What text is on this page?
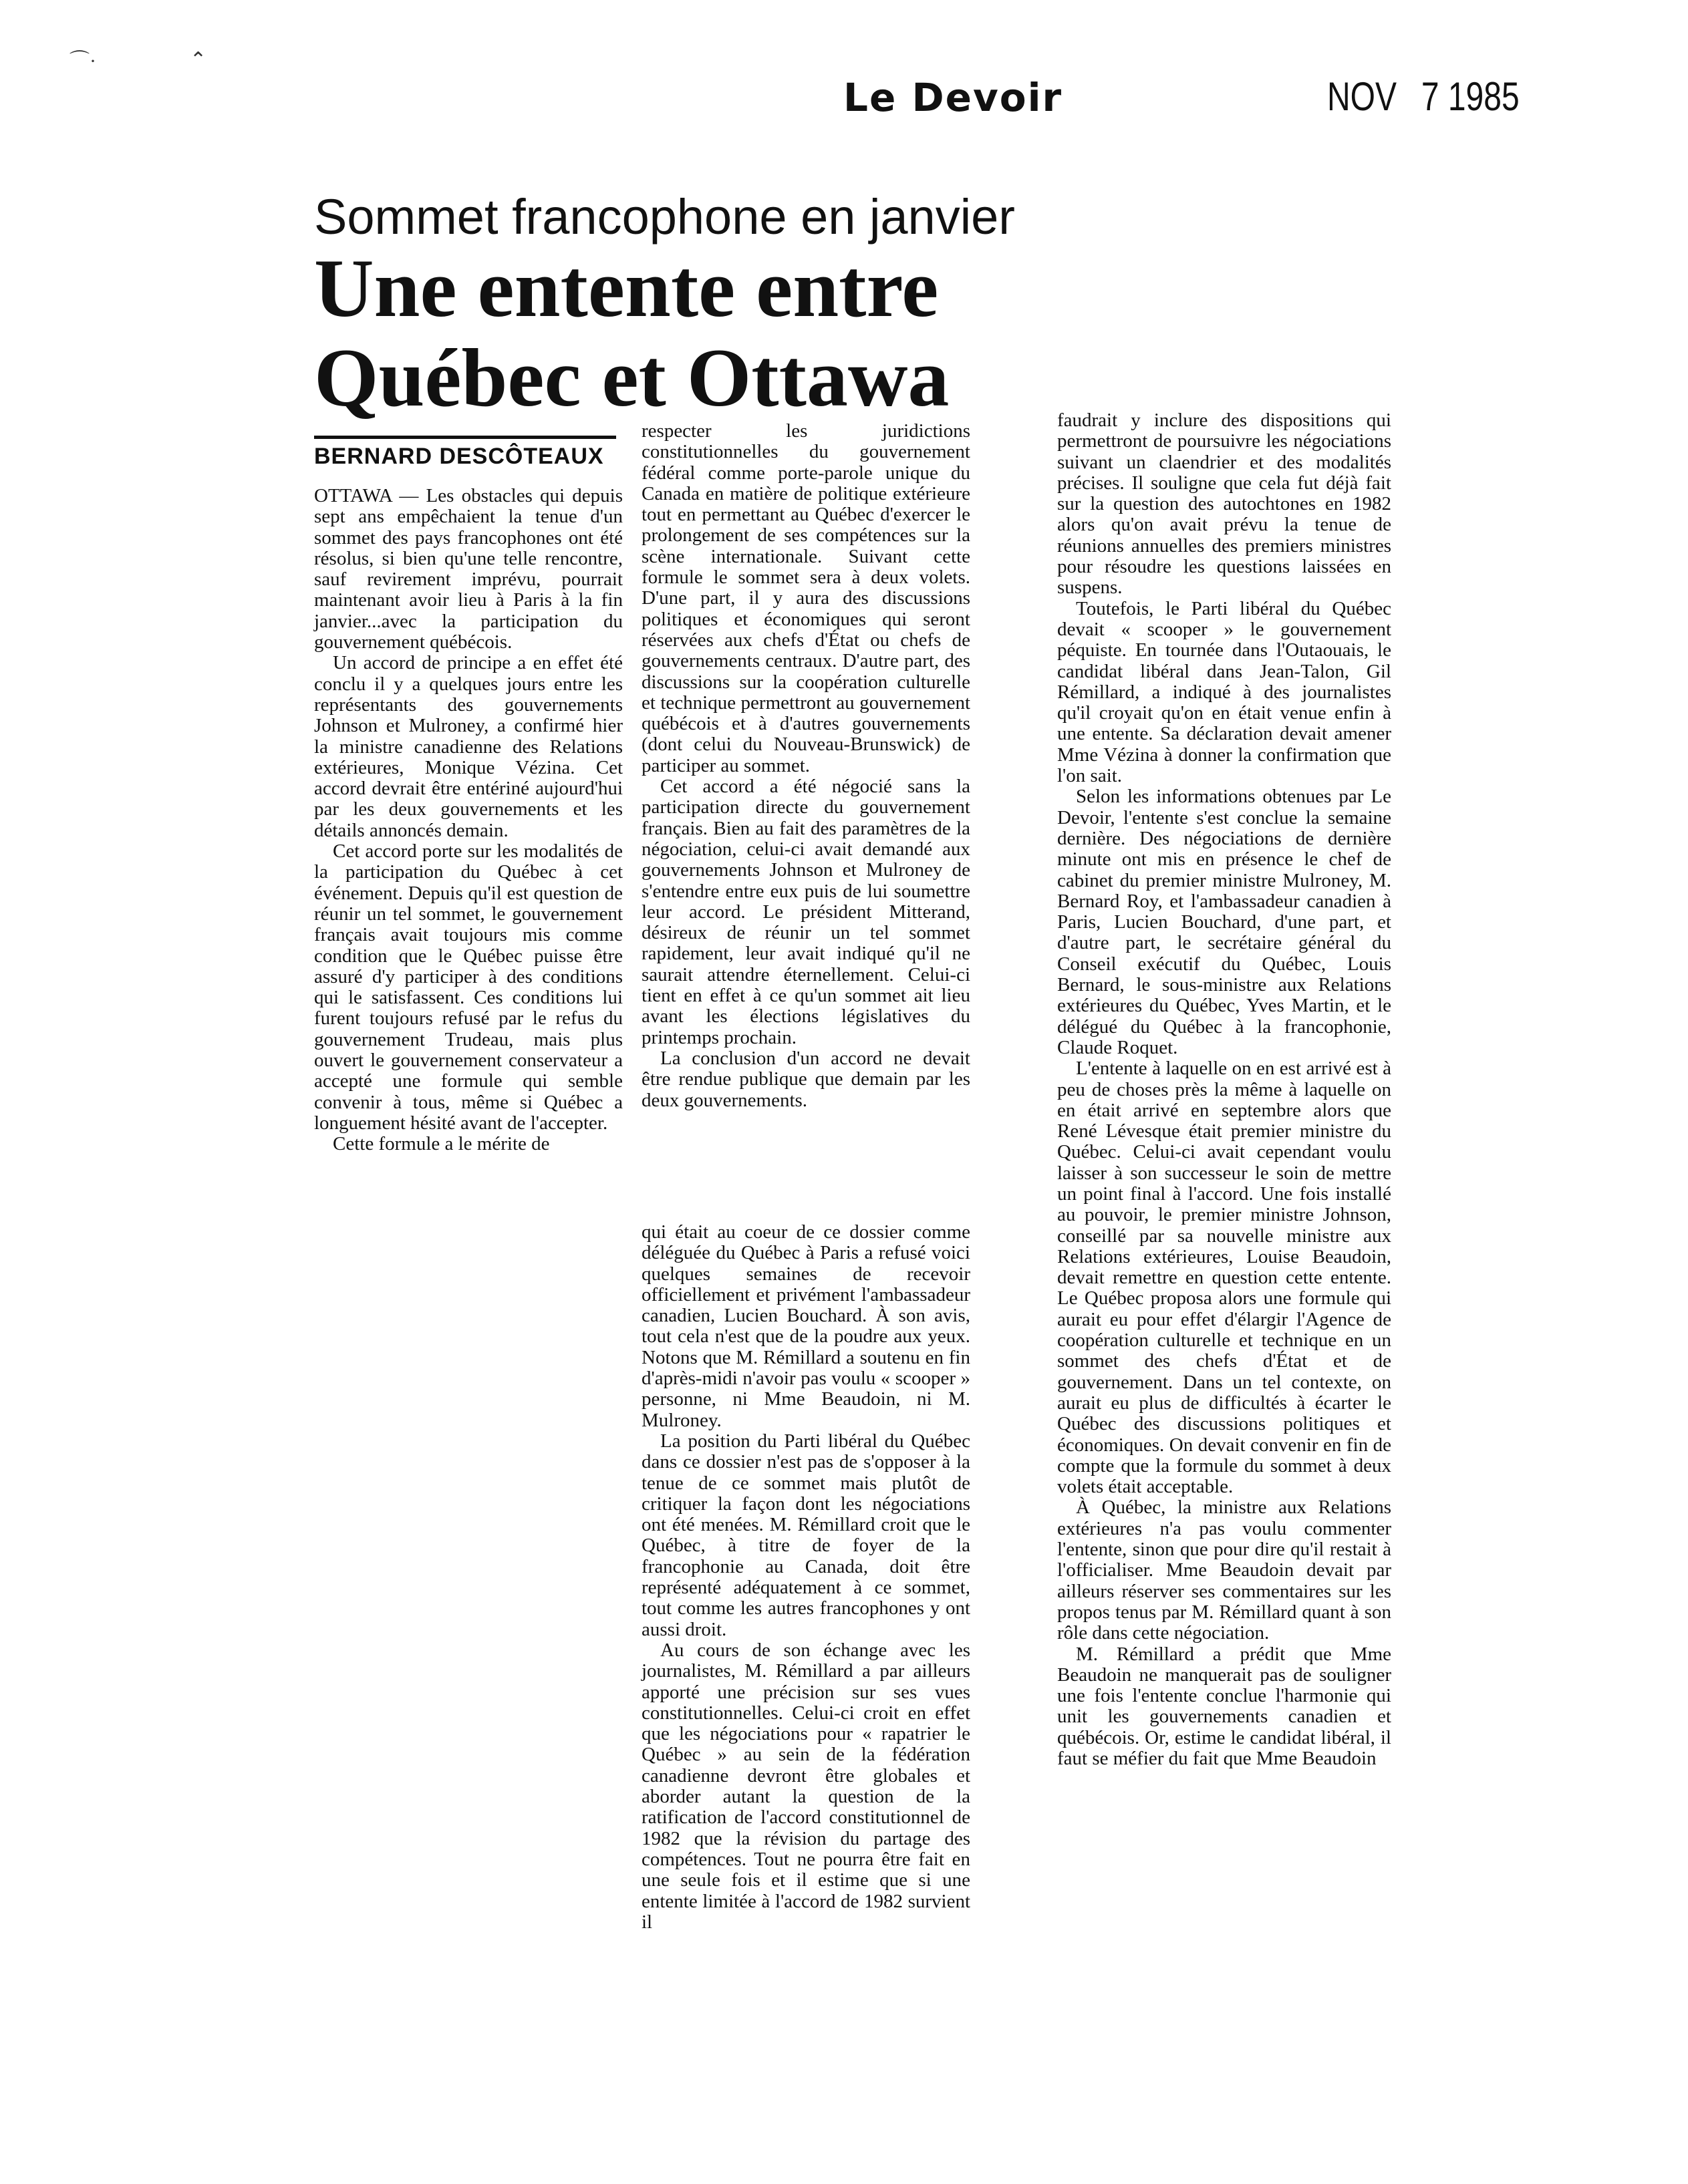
⌒·	⌃
Le Devoir	NOV 7 1985
Sommet francophone en janvier
Une entente entre
Québec et Ottawa
BERNARD DESCÔTEAUX

OTTAWA — Les obstacles qui depuis sept ans empêchaient la tenue d'un sommet des pays francophones ont été résolus, si bien qu'une telle rencontre, sauf revirement imprévu, pourrait maintenant avoir lieu à Paris à la fin janvier...avec la participation du gouvernement québécois.

Un accord de principe a en effet été conclu il y a quelques jours entre les représentants des gouvernements Johnson et Mulroney, a confirmé hier la ministre canadienne des Relations extérieures, Monique Vézina. Cet accord devrait être entériné aujourd'hui par les deux gouvernements et les détails annoncés demain.

Cet accord porte sur les modalités de la participation du Québec à cet événement. Depuis qu'il est question de réunir un tel sommet, le gouvernement français avait toujours mis comme condition que le Québec puisse être assuré d'y participer à des conditions qui le satisfassent. Ces conditions lui furent toujours refusé par le refus du gouvernement Trudeau, mais plus ouvert le gouvernement conservateur a accepté une formule qui semble convenir à tous, même si Québec a longuement hésité avant de l'accepter.

Cette formule a le mérite de

respecter les juridictions constitutionnelles du gouvernement fédéral comme porte-parole unique du Canada en matière de politique extérieure tout en permettant au Québec d'exercer le prolongement de ses compétences sur la scène internationale. Suivant cette formule le sommet sera à deux volets. D'une part, il y aura des discussions politiques et économiques qui seront réservées aux chefs d'État ou chefs de gouvernements centraux. D'autre part, des discussions sur la coopération culturelle et technique permettront au gouvernement québécois et à d'autres gouvernements (dont celui du Nouveau-Brunswick) de participer au sommet.

Cet accord a été négocié sans la participation directe du gouvernement français. Bien au fait des paramètres de la négociation, celui-ci avait demandé aux gouvernements Johnson et Mulroney de s'entendre entre eux puis de lui soumettre leur accord. Le président Mitterand, désireux de réunir un tel sommet rapidement, leur avait indiqué qu'il ne saurait attendre éternellement. Celui-ci tient en effet à ce qu'un sommet ait lieu avant les élections législatives du printemps prochain.

La conclusion d'un accord ne devait être rendue publique que demain par les deux gouvernements.

faudrait y inclure des dispositions qui permettront de poursuivre les négociations suivant un claendrier et des modalités précises. Il souligne que cela fut déjà fait sur la question des autochtones en 1982 alors qu'on avait prévu la tenue de réunions annuelles des premiers ministres pour résoudre les questions laissées en suspens.

Toutefois, le Parti libéral du Québec devait « scooper » le gouvernement péquiste. En tournée dans l'Outaouais, le candidat libéral dans Jean-Talon, Gil Rémillard, a indiqué à des journalistes qu'il croyait qu'on en était venue enfin à une entente. Sa déclaration devait amener Mme Vézina à donner la confirmation que l'on sait.

Selon les informations obtenues par Le Devoir, l'entente s'est conclue la semaine dernière. Des négociations de dernière minute ont mis en présence le chef de cabinet du premier ministre Mulroney, M. Bernard Roy, et l'ambassadeur canadien à Paris, Lucien Bouchard, d'une part, et d'autre part, le secrétaire général du Conseil exécutif du Québec, Louis Bernard, le sous-ministre aux Relations extérieures du Québec, Yves Martin, et le délégué du Québec à la francophonie, Claude Roquet.

L'entente à laquelle on en est arrivé est à peu de choses près la même à laquelle on en était arrivé en septembre alors que René Lévesque était premier ministre du Québec. Celui-ci avait cependant voulu laisser à son successeur le soin de mettre un point final à l'accord. Une fois installé au pouvoir, le premier ministre Johnson, conseillé par sa nouvelle ministre aux Relations extérieures, Louise Beaudoin, devait remettre en question cette entente. Le Québec proposa alors une formule qui aurait eu pour effet d'élargir l'Agence de coopération culturelle et technique en un sommet des chefs d'État et de gouvernement. Dans un tel contexte, on aurait eu plus de difficultés à écarter le Québec des discussions politiques et économiques. On devait convenir en fin de compte que la formule du sommet à deux volets était acceptable.

À Québec, la ministre aux Relations extérieures n'a pas voulu commenter l'entente, sinon que pour dire qu'il restait à l'officialiser. Mme Beaudoin devait par ailleurs réserver ses commentaires sur les propos tenus par M. Rémillard quant à son rôle dans cette négociation.

M. Rémillard a prédit que Mme Beaudoin ne manquerait pas de souligner une fois l'entente conclue l'harmonie qui unit les gouvernements canadien et québécois. Or, estime le candidat libéral, il faut se méfier du fait que Mme Beaudoin

qui était au coeur de ce dossier comme déléguée du Québec à Paris a refusé voici quelques semaines de recevoir officiellement et privément l'ambassadeur canadien, Lucien Bouchard. À son avis, tout cela n'est que de la poudre aux yeux. Notons que M. Rémillard a soutenu en fin d'après-midi n'avoir pas voulu « scooper » personne, ni Mme Beaudoin, ni M. Mulroney.

La position du Parti libéral du Québec dans ce dossier n'est pas de s'opposer à la tenue de ce sommet mais plutôt de critiquer la façon dont les négociations ont été menées. M. Rémillard croit que le Québec, à titre de foyer de la francophonie au Canada, doit être représenté adéquatement à ce sommet, tout comme les autres francophones y ont aussi droit.

Au cours de son échange avec les journalistes, M. Rémillard a par ailleurs apporté une précision sur ses vues constitutionnelles. Celui-ci croit en effet que les négociations pour « rapatrier le Québec » au sein de la fédération canadienne devront être globales et aborder autant la question de la ratification de l'accord constitutionnel de 1982 que la révision du partage des compétences. Tout ne pourra être fait en une seule fois et il estime que si une entente limitée à l'accord de 1982 survient il
